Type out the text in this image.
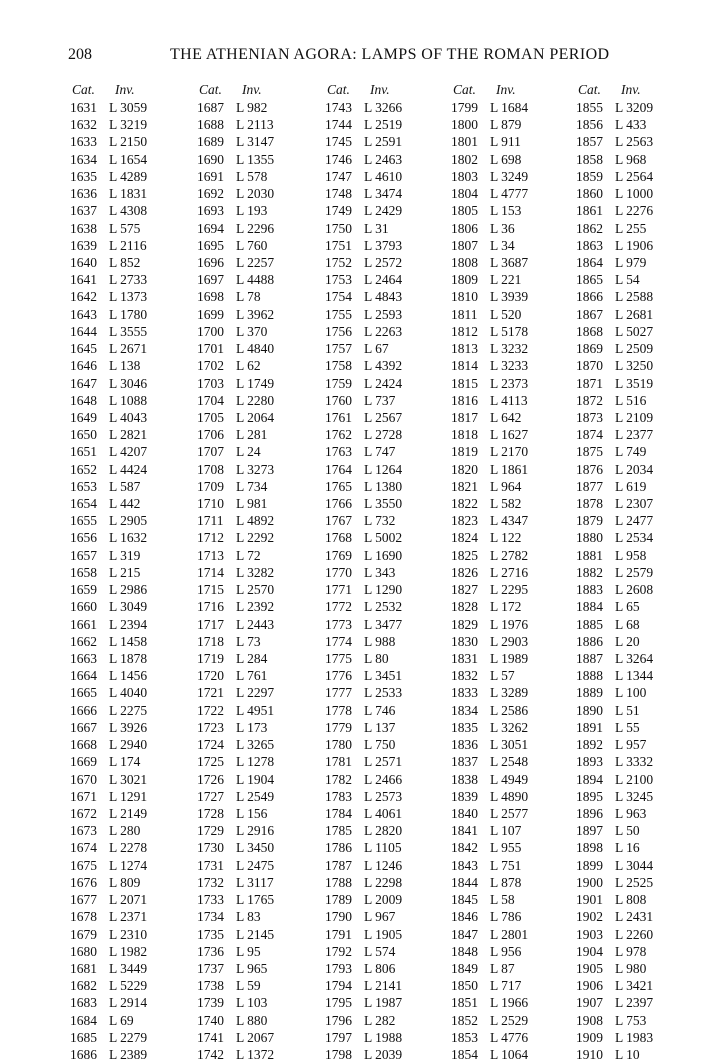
208	THE ATHENIAN AGORA: LAMPS OF THE ROMAN PERIOD
Cat. Inv.
1631 L 3059
1632 L 3219
1633 L 2150
1634 L 1654
1635 L 4289
1636 L 1831
1637 L 4308
1638 L 575
1639 L 2116
1640 L 852
1641 L 2733
1642 L 1373
1643 L 1780
1644 L 3555
1645 L 2671
1646 L 138
1647 L 3046
1648 L 1088
1649 L 4043
1650 L 2821
1651 L 4207
1652 L 4424
1653 L 587
1654 L 442
1655 L 2905
1656 L 1632
1657 L 319
1658 L 215
1659 L 2986
1660 L 3049
1661 L 2394
1662 L 1458
1663 L 1878
1664 L 1456
1665 L 4040
1666 L 2275
1667 L 3926
1668 L 2940
1669 L 174
1670 L 3021
1671 L 1291
1672 L 2149
1673 L 280
1674 L 2278
1675 L 1274
1676 L 809
1677 L 2071
1678 L 2371
1679 L 2310
1680 L 1982
1681 L 3449
1682 L 5229
1683 L 2914
1684 L 69
1685 L 2279
1686 L 2389
Cat. Inv.
1687 L 982
1688 L 2113
1689 L 3147
1690 L 1355
1691 L 578
1692 L 2030
1693 L 193
1694 L 2296
1695 L 760
1696 L 2257
1697 L 4488
1698 L 78
1699 L 3962
1700 L 370
1701 L 4840
1702 L 62
1703 L 1749
1704 L 2280
1705 L 2064
1706 L 281
1707 L 24
1708 L 3273
1709 L 734
1710 L 981
1711 L 4892
1712 L 2292
1713 L 72
1714 L 3282
1715 L 2570
1716 L 2392
1717 L 2443
1718 L 73
1719 L 284
1720 L 761
1721 L 2297
1722 L 4951
1723 L 173
1724 L 3265
1725 L 1278
1726 L 1904
1727 L 2549
1728 L 156
1729 L 2916
1730 L 3450
1731 L 2475
1732 L 3117
1733 L 1765
1734 L 83
1735 L 2145
1736 L 95
1737 L 965
1738 L 59
1739 L 103
1740 L 880
1741 L 2067
1742 L 1372
Cat. Inv.
1743 L 3266
1744 L 2519
1745 L 2591
1746 L 2463
1747 L 4610
1748 L 3474
1749 L 2429
1750 L 31
1751 L 3793
1752 L 2572
1753 L 2464
1754 L 4843
1755 L 2593
1756 L 2263
1757 L 67
1758 L 4392
1759 L 2424
1760 L 737
1761 L 2567
1762 L 2728
1763 L 747
1764 L 1264
1765 L 1380
1766 L 3550
1767 L 732
1768 L 5002
1769 L 1690
1770 L 343
1771 L 1290
1772 L 2532
1773 L 3477
1774 L 988
1775 L 80
1776 L 3451
1777 L 2533
1778 L 746
1779 L 137
1780 L 750
1781 L 2571
1782 L 2466
1783 L 2573
1784 L 4061
1785 L 2820
1786 L 1105
1787 L 1246
1788 L 2298
1789 L 2009
1790 L 967
1791 L 1905
1792 L 574
1793 L 806
1794 L 2141
1795 L 1987
1796 L 282
1797 L 1988
1798 L 2039
Cat. Inv.
1799 L 1684
1800 L 879
1801 L 911
1802 L 698
1803 L 3249
1804 L 4777
1805 L 153
1806 L 36
1807 L 34
1808 L 3687
1809 L 221
1810 L 3939
1811 L 520
1812 L 5178
1813 L 3232
1814 L 3233
1815 L 2373
1816 L 4113
1817 L 642
1818 L 1627
1819 L 2170
1820 L 1861
1821 L 964
1822 L 582
1823 L 4347
1824 L 122
1825 L 2782
1826 L 2716
1827 L 2295
1828 L 172
1829 L 1976
1830 L 2903
1831 L 1989
1832 L 57
1833 L 3289
1834 L 2586
1835 L 3262
1836 L 3051
1837 L 2548
1838 L 4949
1839 L 4890
1840 L 2577
1841 L 107
1842 L 955
1843 L 751
1844 L 878
1845 L 58
1846 L 786
1847 L 2801
1848 L 956
1849 L 87
1850 L 717
1851 L 1966
1852 L 2529
1853 L 4776
1854 L 1064
Cat. Inv.
1855 L 3209
1856 L 433
1857 L 2563
1858 L 968
1859 L 2564
1860 L 1000
1861 L 2276
1862 L 255
1863 L 1906
1864 L 979
1865 L 54
1866 L 2588
1867 L 2681
1868 L 5027
1869 L 2509
1870 L 3250
1871 L 3519
1872 L 516
1873 L 2109
1874 L 2377
1875 L 749
1876 L 2034
1877 L 619
1878 L 2307
1879 L 2477
1880 L 2534
1881 L 958
1882 L 2579
1883 L 2608
1884 L 65
1885 L 68
1886 L 20
1887 L 3264
1888 L 1344
1889 L 100
1890 L 51
1891 L 55
1892 L 957
1893 L 3332
1894 L 2100
1895 L 3245
1896 L 963
1897 L 50
1898 L 16
1899 L 3044
1900 L 2525
1901 L 808
1902 L 2431
1903 L 2260
1904 L 978
1905 L 980
1906 L 3421
1907 L 2397
1908 L 753
1909 L 1983
1910 L 10
